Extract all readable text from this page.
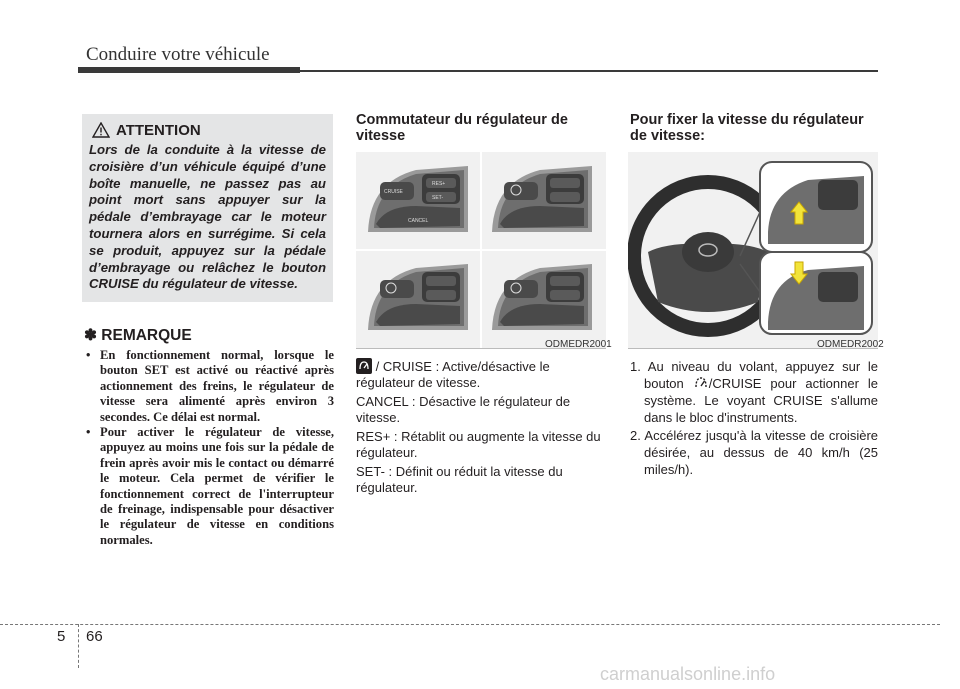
Conduire votre véhicule
ATTENTION
Lors de la conduite à la vitesse de croisière d’un véhicule équipé d’une boîte manuelle, ne passez pas au point mort sans appuyer sur la pédale d’embrayage car le moteur tournera alors en surrégime. Si cela se produit, appuyez sur la pédale d’embrayage ou relâchez le bouton CRUISE du régulateur de vitesse.
✽ REMARQUE
• En fonctionnement normal, lorsque le bouton SET est activé ou réactivé après actionnement des freins, le régulateur de vitesse sera alimenté après environ 3 secondes. Ce délai est normal.
• Pour activer le régulateur de vitesse, appuyez au moins une fois sur la pédale de frein après avoir mis le contact ou démarré le moteur. Cela permet de vérifier le fonctionnement correct de l'interrupteur de freinage, indispensable pour désactiver le régulateur de vitesse en conditions normales.
Commutateur du régulateur de vitesse
CRUISE
CANCEL
RES+
SET-
ODMEDR2001
/ CRUISE : Active/désactive le régulateur de vitesse.
CANCEL : Désactive le régulateur de vitesse.
RES+ : Rétablit ou augmente la vitesse du régulateur.
SET- : Définit ou réduit la vitesse du régulateur.
Pour fixer la vitesse du régulateur de vitesse:
ODMEDR2002
1. Au niveau du volant, appuyez sur le bouton /CRUISE pour actionner le système. Le voyant CRUISE s'allume dans le bloc d'instruments.
2. Accélérez jusqu'à la vitesse de croisière désirée, au dessus de 40 km/h (25 miles/h).
5 66
carmanualsonline.info
